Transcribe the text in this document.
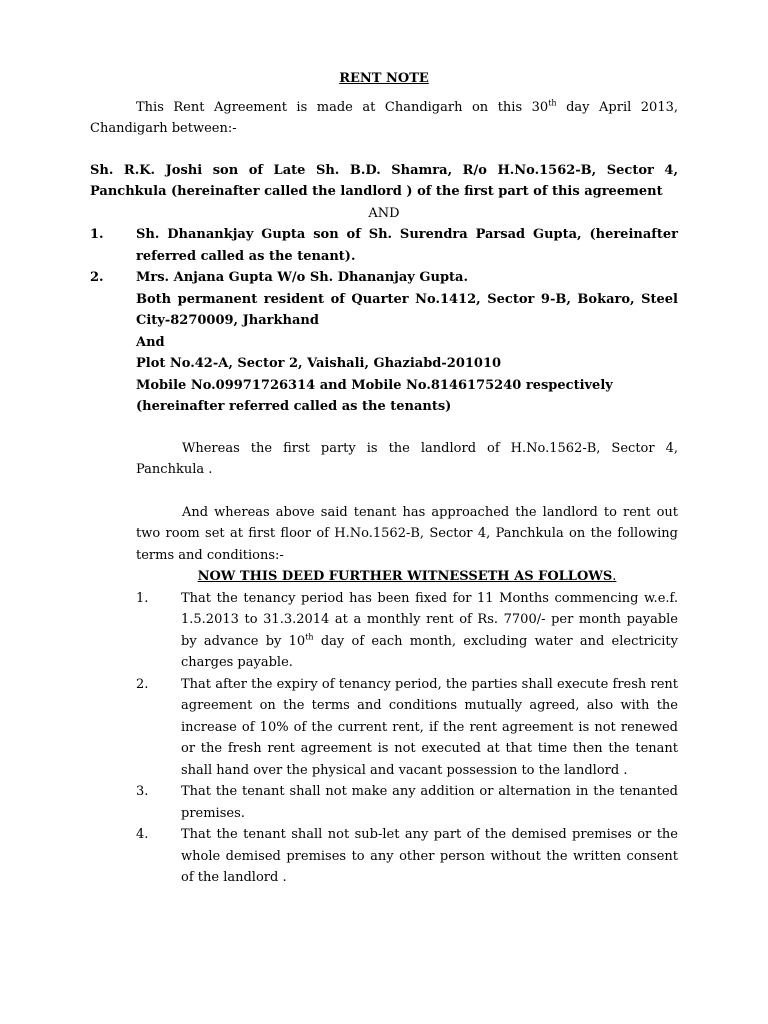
RENT NOTE

This Rent Agreement is made at Chandigarh on this 30th day April 2013, Chandigarh between:-

Sh. R.K. Joshi son of Late Sh. B.D. Shamra, R/o H.No.1562-B, Sector 4, Panchkula (hereinafter called the landlord ) of the first part of this agreement

AND

1.	Sh. Dhanankjay Gupta son of Sh. Surendra Parsad Gupta, (hereinafter referred called as the tenant).
2.	Mrs. Anjana Gupta W/o Sh. Dhananjay Gupta.

Both permanent resident of Quarter No.1412, Sector 9-B, Bokaro, Steel City-8270009, Jharkhand

And

Plot No.42-A, Sector 2, Vaishali, Ghaziabd-201010

Mobile No.09971726314 and Mobile No.8146175240 respectively

(hereinafter referred called as the tenants)

Whereas the first party is the landlord of H.No.1562-B, Sector 4, Panchkula .

And whereas above said tenant has approached the landlord to rent out two room set at first floor of H.No.1562-B, Sector 4, Panchkula on the following terms and conditions:-

NOW THIS DEED FURTHER WITNESSETH AS FOLLOWS.

1.	That the tenancy period has been fixed for 11 Months commencing w.e.f. 1.5.2013 to 31.3.2014 at a monthly rent of Rs. 7700/- per month payable by advance by 10th day of each month, excluding water and electricity charges payable.
2.	That after the expiry of tenancy period, the parties shall execute fresh rent agreement on the terms and conditions mutually agreed, also with the increase of 10% of the current rent, if the rent agreement is not renewed or the fresh rent agreement is not executed at that time then the tenant shall hand over the physical and vacant possession to the landlord .
3.	That the tenant shall not make any addition or alternation in the tenanted premises.
4.	That the tenant shall not sub-let any part of the demised premises or the whole demised premises to any other person without the written consent of the landlord .
